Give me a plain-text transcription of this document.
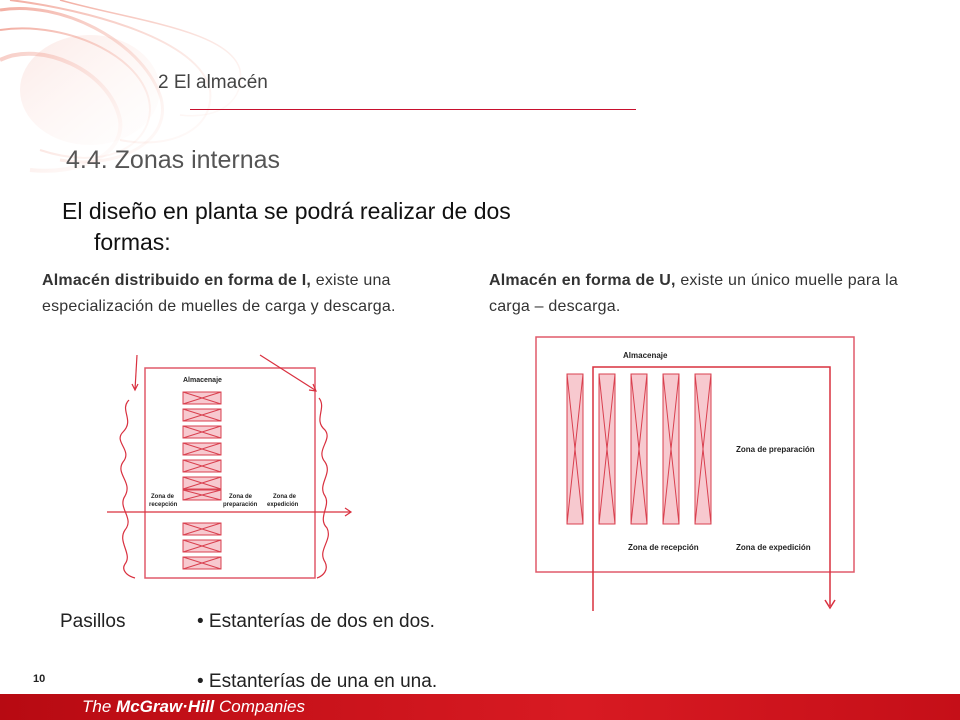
2 El almacén
4.4. Zonas internas
El diseño en planta se podrá realizar de dos
formas:
Almacén distribuido en forma de I, existe una especialización de muelles de carga y descarga.
Almacén en forma de U, existe un único muelle para la carga – descarga.
Almacenaje
Zona de
recepción
Zona de
preparación
Zona de
expedición
Almacenaje
Zona de preparación
Zona de recepción	Zona de expedición
Pasillos	• Estanterías de dos en dos.
• Estanterías de una en una.
10
The McGraw·Hill Companies
